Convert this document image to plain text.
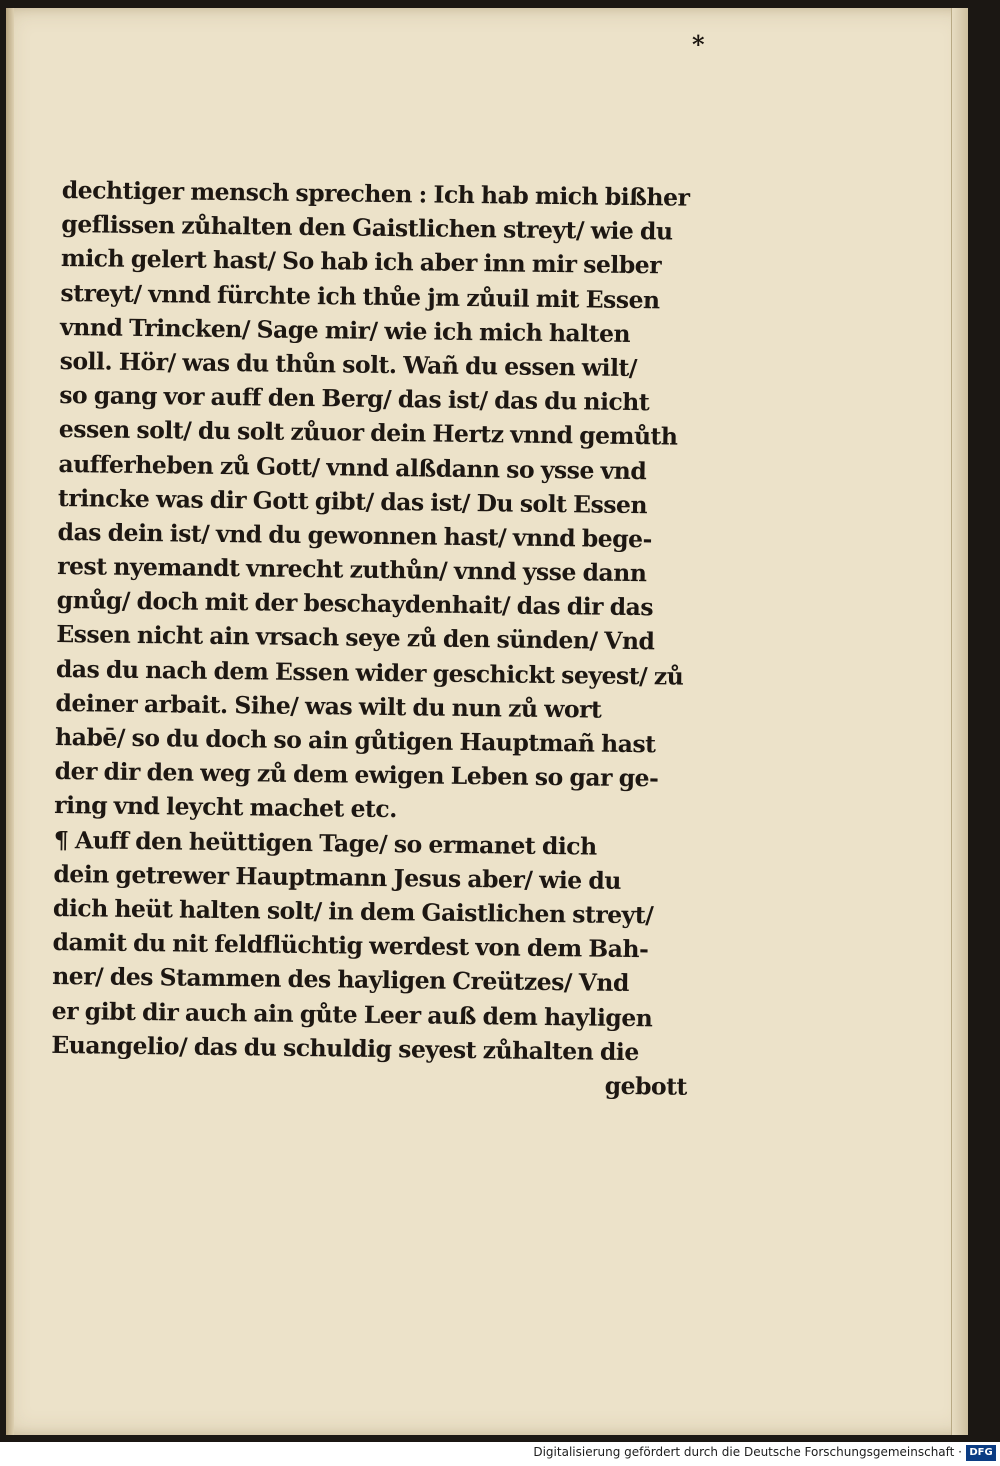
*
dechtiger mensch sprechen : Ich hab mich bißher
geflissen zůhalten den Gaistlichen streyt/ wie du
mich gelert hast/ So hab ich aber inn mir selber
streyt/ vnnd fürchte ich thůe jm zůuil mit Essen
vnnd Trincken/ Sage mir/ wie ich mich halten
soll. Hör/ was du thůn solt. Wañ du essen wilt/
so gang vor auff den Berg/ das ist/ das du nicht
essen solt/ du solt zůuor dein Hertz vnnd gemůth
aufferheben zů Gott/ vnnd alßdann so ysse vnd
trincke was dir Gott gibt/ das ist/ Du solt Essen
das dein ist/ vnd du gewonnen hast/ vnnd bege-
rest nyemandt vnrecht zuthůn/ vnnd ysse dann
gnůg/ doch mit der beschaydenhait/ das dir das
Essen nicht ain vrsach seye zů den sünden/ Vnd
das du nach dem Essen wider geschickt seyest/ zů
deiner arbait. Sihe/ was wilt du nun zů wort
habē/ so du doch so ain gůtigen Hauptmañ hast
der dir den weg zů dem ewigen Leben so gar ge-
ring vnd leycht machet etc.
¶ Auff den heüttigen Tage/ so ermanet dich
dein getrewer Hauptmann Jesus aber/ wie du
dich heüt halten solt/ in dem Gaistlichen streyt/
damit du nit feldflüchtig werdest von dem Bah-
ner/ des Stammen des hayligen Creützes/ Vnd
er gibt dir auch ain gůte Leer auß dem hayligen
Euangelio/ das du schuldig seyest zůhalten die
gebott
Digitalisierung gefördert durch die Deutsche Forschungsgemeinschaft · DFG
